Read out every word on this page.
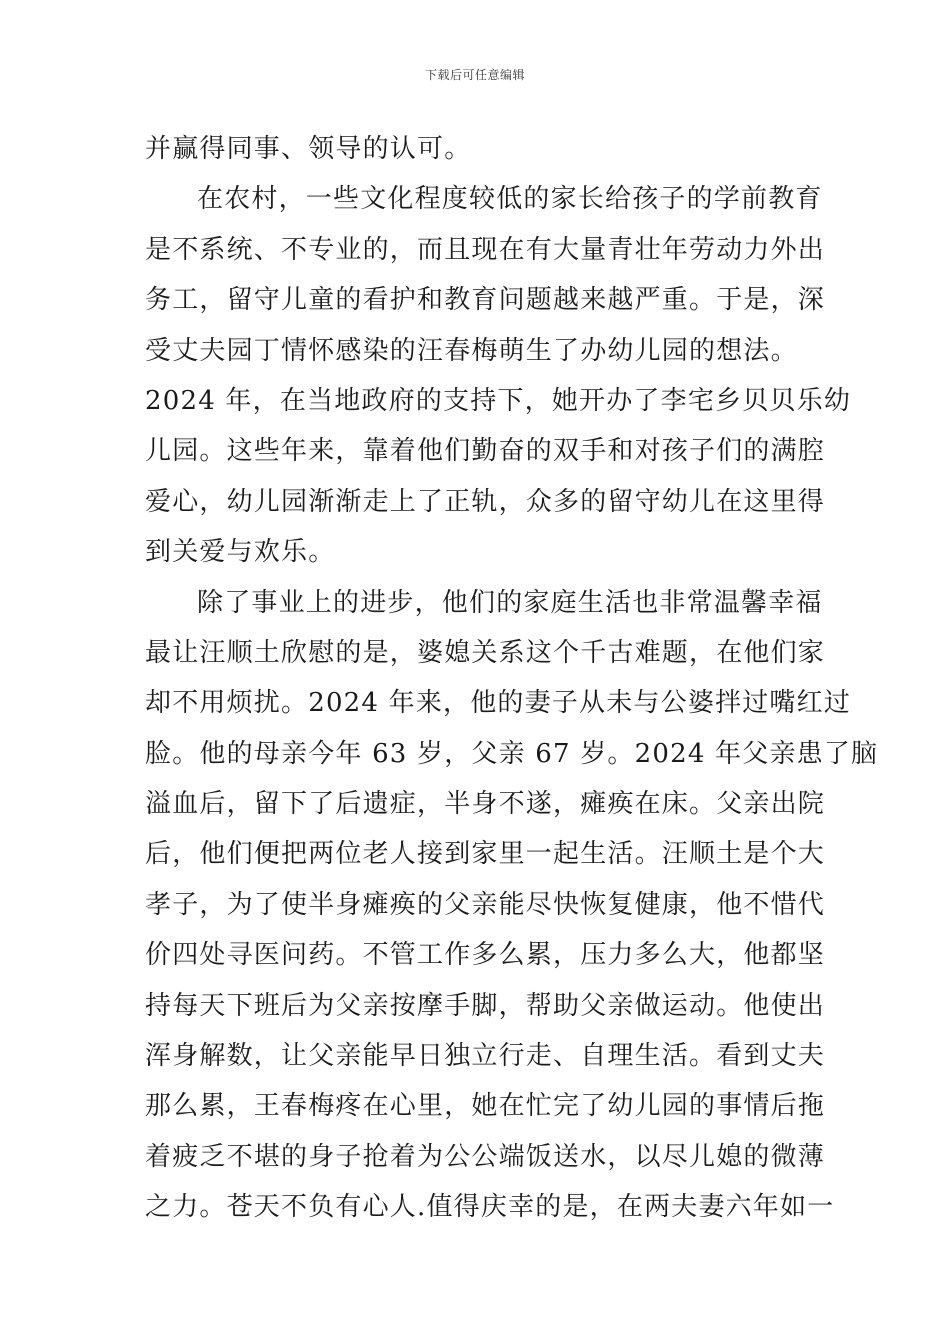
下载后可任意编辑
并赢得同事、领导的认可。
在农村，一些文化程度较低的家长给孩子的学前教育
是不系统、不专业的，而且现在有大量青壮年劳动力外出
务工，留守儿童的看护和教育问题越来越严重。于是，深
受丈夫园丁情怀感染的汪春梅萌生了办幼儿园的想法。
2024 年，在当地政府的支持下，她开办了李宅乡贝贝乐幼
儿园。这些年来，靠着他们勤奋的双手和对孩子们的满腔
爱心，幼儿园渐渐走上了正轨，众多的留守幼儿在这里得
到关爱与欢乐。
除了事业上的进步，他们的家庭生活也非常温馨幸福
最让汪顺土欣慰的是，婆媳关系这个千古难题，在他们家
却不用烦扰。2024 年来，他的妻子从未与公婆拌过嘴红过
脸。他的母亲今年 63 岁，父亲 67 岁。2024 年父亲患了脑
溢血后，留下了后遗症，半身不遂，瘫痪在床。父亲出院
后，他们便把两位老人接到家里一起生活。汪顺土是个大
孝子，为了使半身瘫痪的父亲能尽快恢复健康，他不惜代
价四处寻医问药。不管工作多么累，压力多么大，他都坚
持每天下班后为父亲按摩手脚，帮助父亲做运动。他使出
浑身解数，让父亲能早日独立行走、自理生活。看到丈夫
那么累，王春梅疼在心里，她在忙完了幼儿园的事情后拖
着疲乏不堪的身子抢着为公公端饭送水，以尽儿媳的微薄
之力。苍天不负有心人.值得庆幸的是，在两夫妻六年如一
